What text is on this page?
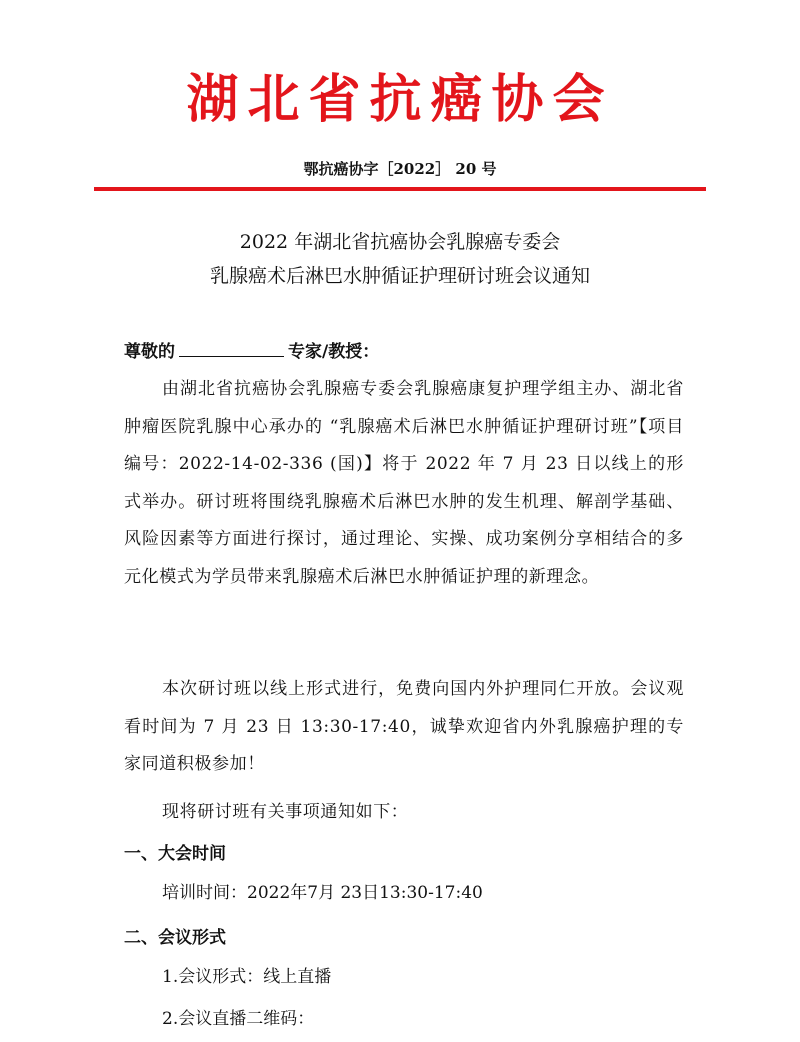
湖北省抗癌协会
鄂抗癌协字［2022］ 20 号
2022 年湖北省抗癌协会乳腺癌专委会
乳腺癌术后淋巴水肿循证护理研讨班会议通知
尊敬的	专家/教授：
由湖北省抗癌协会乳腺癌专委会乳腺癌康复护理学组主办、湖北省肿瘤医院乳腺中心承办的 “乳腺癌术后淋巴水肿循证护理研讨班”【项目编号：2022-14-02-336 (国)】将于 2022 年 7 月 23 日以线上的形式举办。研讨班将围绕乳腺癌术后淋巴水肿的发生机理、解剖学基础、风险因素等方面进行探讨，通过理论、实操、成功案例分享相结合的多元化模式为学员带来乳腺癌术后淋巴水肿循证护理的新理念。
本次研讨班以线上形式进行，免费向国内外护理同仁开放。会议观看时间为 7 月 23 日 13:30-17:40，诚挚欢迎省内外乳腺癌护理的专家同道积极参加！
现将研讨班有关事项通知如下：
一、大会时间
培训时间：2022年7月 23日13:30-17:40
二、会议形式
1.会议形式：线上直播
2.会议直播二维码：
